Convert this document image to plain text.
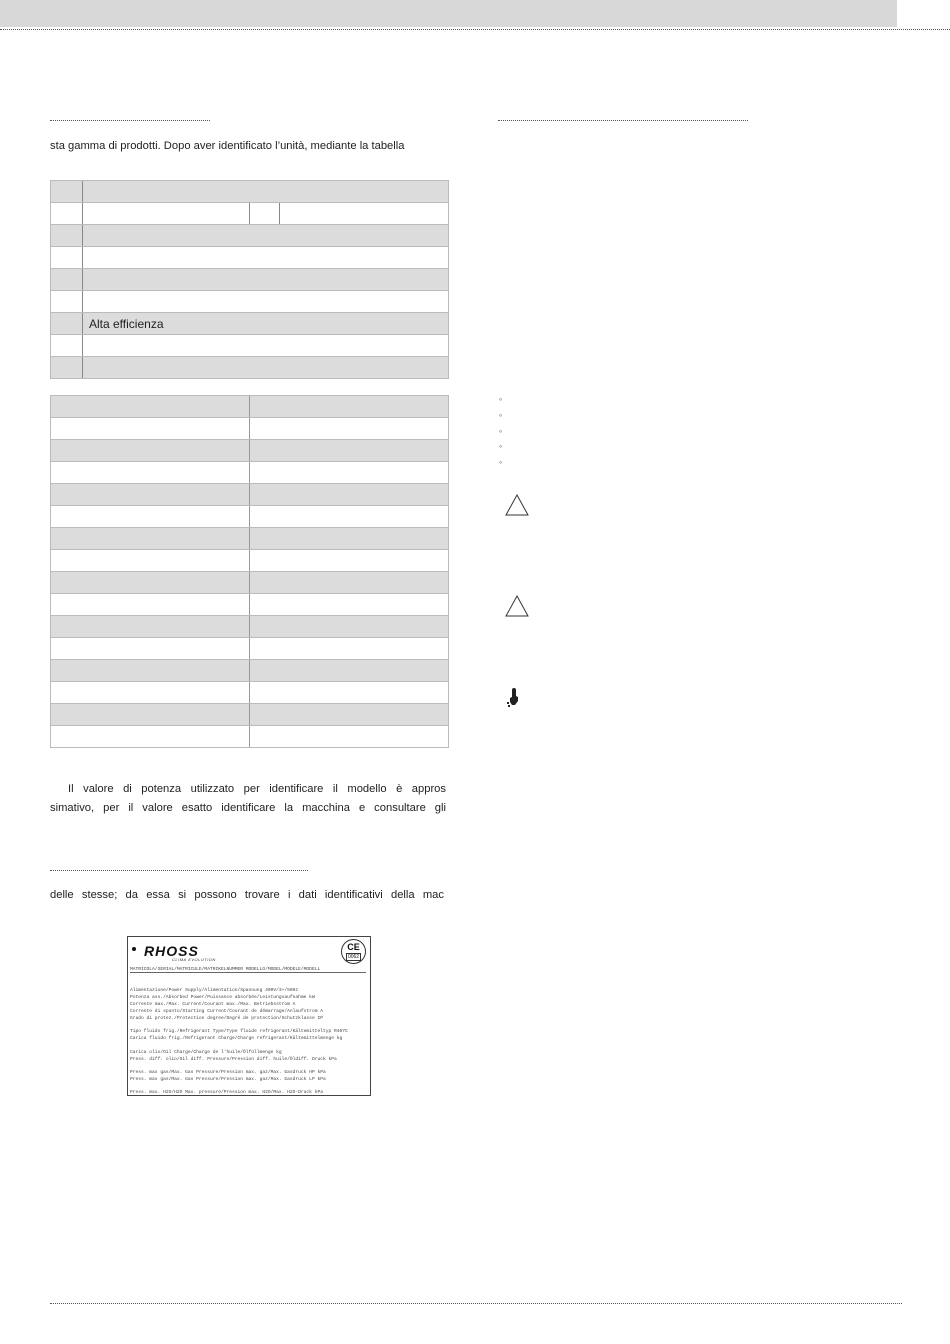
sta gamma di prodotti. Dopo aver identificato l’unità, mediante la tabella
Alta efficienza
Il valore di potenza utilizzato per identificare il modello è appros
simativo, per il valore esatto identificare la macchina e consultare gli
delle stesse; da essa si possono trovare i dati identificativi della mac
RHOSS
CLIMA EVOLUTION
CE
0062
MATRICOLA/SERIAL/MATRICULE/MATRIKELNUMMER MODELLO/MODEL/MODELE/MODELL
Alimentazione/Power Supply/Alimentation/Spannung 400V/3+/50Hz
Potenza ass./Absorbed Power/Puissance absorbée/Leistungsaufnahme kW
Corrente max./Max. Current/Courant max./Max. Betriebsstrom A
Corrente di spunto/Starting Current/Courant de démarrage/Anlaufstrom A
Grado di protez./Protection degree/Degré de protection/Schutzklasse IP
Tipo fluido frig./Refrigerant Type/Type fluide refrigerant/Kältemitteltyp R407C
Carica fluido frig./Refrigerant Charge/Charge refrigerant/Kältemittelmenge kg
Carica olio/Oil Charge/Charge de l'huile/Ölfüllmenge kg
Press. diff. olio/Oil diff. Pressure/Pression diff. huile/Öldiff. Druck kPa
Press. max gas/Max. Gas Pressure/Pression max. gaz/Max. Gasdruck HP kPa
Press. max gas/Max. Gas Pressure/Pression max. gaz/Max. Gasdruck LP kPa
Press. max. H2O/H2O Max. pressure/Pression max. H2O/Max. H2O-Druck kPa
◦
◦
◦
◦
◦
